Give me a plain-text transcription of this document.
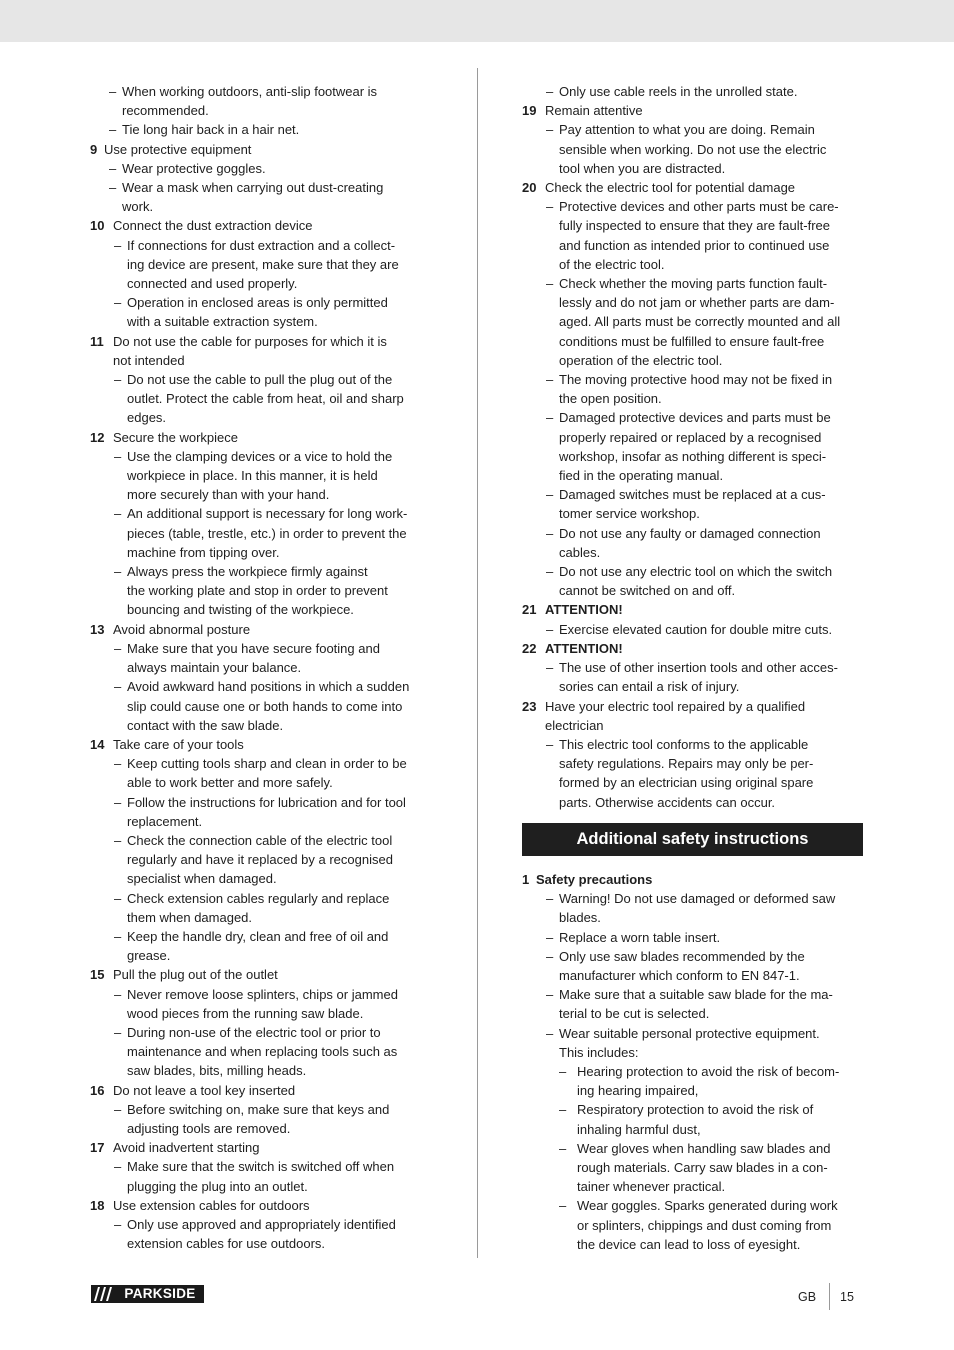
– When working outdoors, anti-slip footwear is
recommended.
– Tie long hair back in a hair net.
9 Use protective equipment
– Wear protective goggles.
– Wear a mask when carrying out dust-creating
work.
10 Connect the dust extraction device
– If connections for dust extraction and a collect-
ing device are present, make sure that they are
connected and used properly.
– Operation in enclosed areas is only permitted
with a suitable extraction system.
11 Do not use the cable for purposes for which it is
not intended
– Do not use the cable to pull the plug out of the
outlet. Protect the cable from heat, oil and sharp
edges.
12 Secure the workpiece
– Use the clamping devices or a vice to hold the
workpiece in place. In this manner, it is held
more securely than with your hand.
– An additional support is necessary for long work-
pieces (table, trestle, etc.) in order to prevent the
machine from tipping over.
– Always press the workpiece firmly against
the working plate and stop in order to prevent
bouncing and twisting of the workpiece.
13 Avoid abnormal posture
– Make sure that you have secure footing and
always maintain your balance.
– Avoid awkward hand positions in which a sudden
slip could cause one or both hands to come into
contact with the saw blade.
14 Take care of your tools
– Keep cutting tools sharp and clean in order to be
able to work better and more safely.
– Follow the instructions for lubrication and for tool
replacement.
– Check the connection cable of the electric tool
regularly and have it replaced by a recognised
specialist when damaged.
– Check extension cables regularly and replace
them when damaged.
– Keep the handle dry, clean and free of oil and
grease.
15 Pull the plug out of the outlet
– Never remove loose splinters, chips or jammed
wood pieces from the running saw blade.
– During non-use of the electric tool or prior to
maintenance and when replacing tools such as
saw blades, bits, milling heads.
16 Do not leave a tool key inserted
– Before switching on, make sure that keys and
adjusting tools are removed.
17 Avoid inadvertent starting
– Make sure that the switch is switched off when
plugging the plug into an outlet.
18 Use extension cables for outdoors
– Only use approved and appropriately identified
extension cables for use outdoors.
– Only use cable reels in the unrolled state.
19 Remain attentive
– Pay attention to what you are doing. Remain
sensible when working. Do not use the electric
tool when you are distracted.
20 Check the electric tool for potential damage
– Protective devices and other parts must be care-
fully inspected to ensure that they are fault-free
and function as intended prior to continued use
of the electric tool.
– Check whether the moving parts function fault-
lessly and do not jam or whether parts are dam-
aged. All parts must be correctly mounted and all
conditions must be fulfilled to ensure fault-free
operation of the electric tool.
– The moving protective hood may not be fixed in
the open position.
– Damaged protective devices and parts must be
properly repaired or replaced by a recognised
workshop, insofar as nothing different is speci-
fied in the operating manual.
– Damaged switches must be replaced at a cus-
tomer service workshop.
– Do not use any faulty or damaged connection
cables.
– Do not use any electric tool on which the switch
cannot be switched on and off.
21 ATTENTION!
– Exercise elevated caution for double mitre cuts.
22 ATTENTION!
– The use of other insertion tools and other acces-
sories can entail a risk of injury.
23 Have your electric tool repaired by a qualified
electrician
– This electric tool conforms to the applicable
safety regulations. Repairs may only be per-
formed by an electrician using original spare
parts. Otherwise accidents can occur.
Additional safety instructions
1 Safety precautions
– Warning! Do not use damaged or deformed saw
blades.
– Replace a worn table insert.
– Only use saw blades recommended by the
manufacturer which conform to EN 847-1.
– Make sure that a suitable saw blade for the ma-
terial to be cut is selected.
– Wear suitable personal protective equipment.
This includes:
– Hearing protection to avoid the risk of becom-
ing hearing impaired,
– Respiratory protection to avoid the risk of
inhaling harmful dust,
– Wear gloves when handling saw blades and
rough materials. Carry saw blades in a con-
tainer whenever practical.
– Wear goggles. Sparks generated during work
or splinters, chippings and dust coming from
the device can lead to loss of eyesight.
PARKSIDE	GB 15
